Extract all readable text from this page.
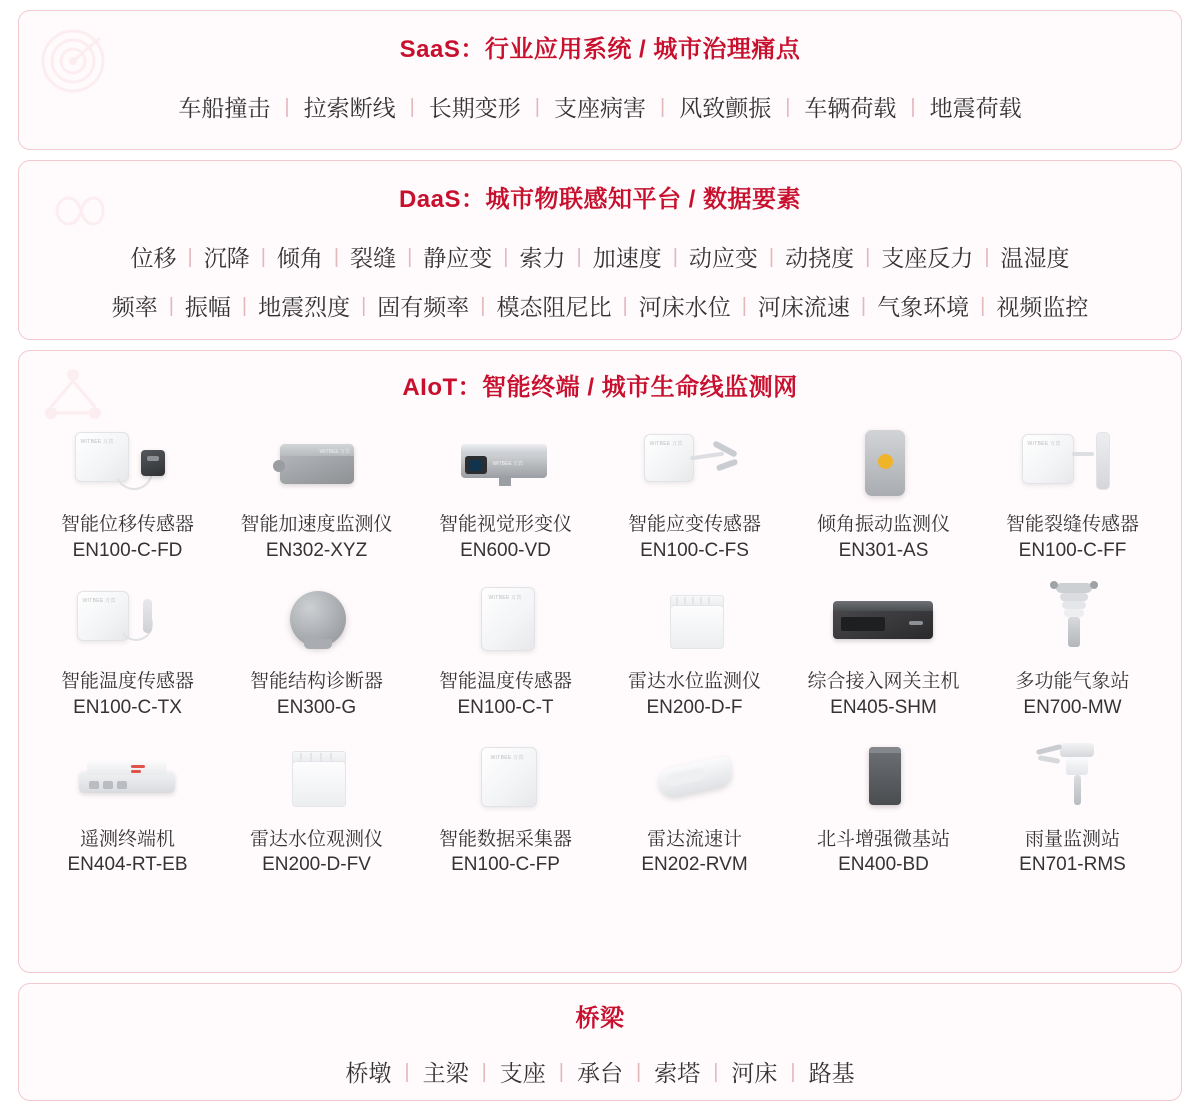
SaaS：行业应用系统 / 城市治理痛点
车船撞击 | 拉索断线 | 长期变形 | 支座病害 | 风致颤振 | 车辆荷载 | 地震荷载
DaaS：城市物联感知平台 / 数据要素
位移 | 沉降 | 倾角 | 裂缝 | 静应变 | 索力 | 加速度 | 动应变 | 动挠度 | 支座反力 | 温湿度
频率 | 振幅 | 地震烈度 | 固有频率 | 模态阻尼比 | 河床水位 | 河床流速 | 气象环境 | 视频监控
AIoT：智能终端 / 城市生命线监测网
WITBEE 万宾
智能位移传感器
EN100-C-FD
WITBEE 万宾
智能加速度监测仪
EN302-XYZ
WITBEE 万宾
智能视觉形变仪
EN600-VD
WITBEE 万宾
智能应变传感器
EN100-C-FS
倾角振动监测仪
EN301-AS
WITBEE 万宾
智能裂缝传感器
EN100-C-FF
WITBEE 万宾
智能温度传感器
EN100-C-TX
智能结构诊断器
EN300-G
WITBEE 万宾
智能温度传感器
EN100-C-T
雷达水位监测仪
EN200-D-F
综合接入网关主机
EN405-SHM
多功能气象站
EN700-MW
遥测终端机
EN404-RT-EB
雷达水位观测仪
EN200-D-FV
WITBEE 万宾
智能数据采集器
EN100-C-FP
雷达流速计
EN202-RVM
北斗增强微基站
EN400-BD
雨量监测站
EN701-RMS
桥梁
桥墩 | 主梁 | 支座 | 承台 | 索塔 | 河床 | 路基
